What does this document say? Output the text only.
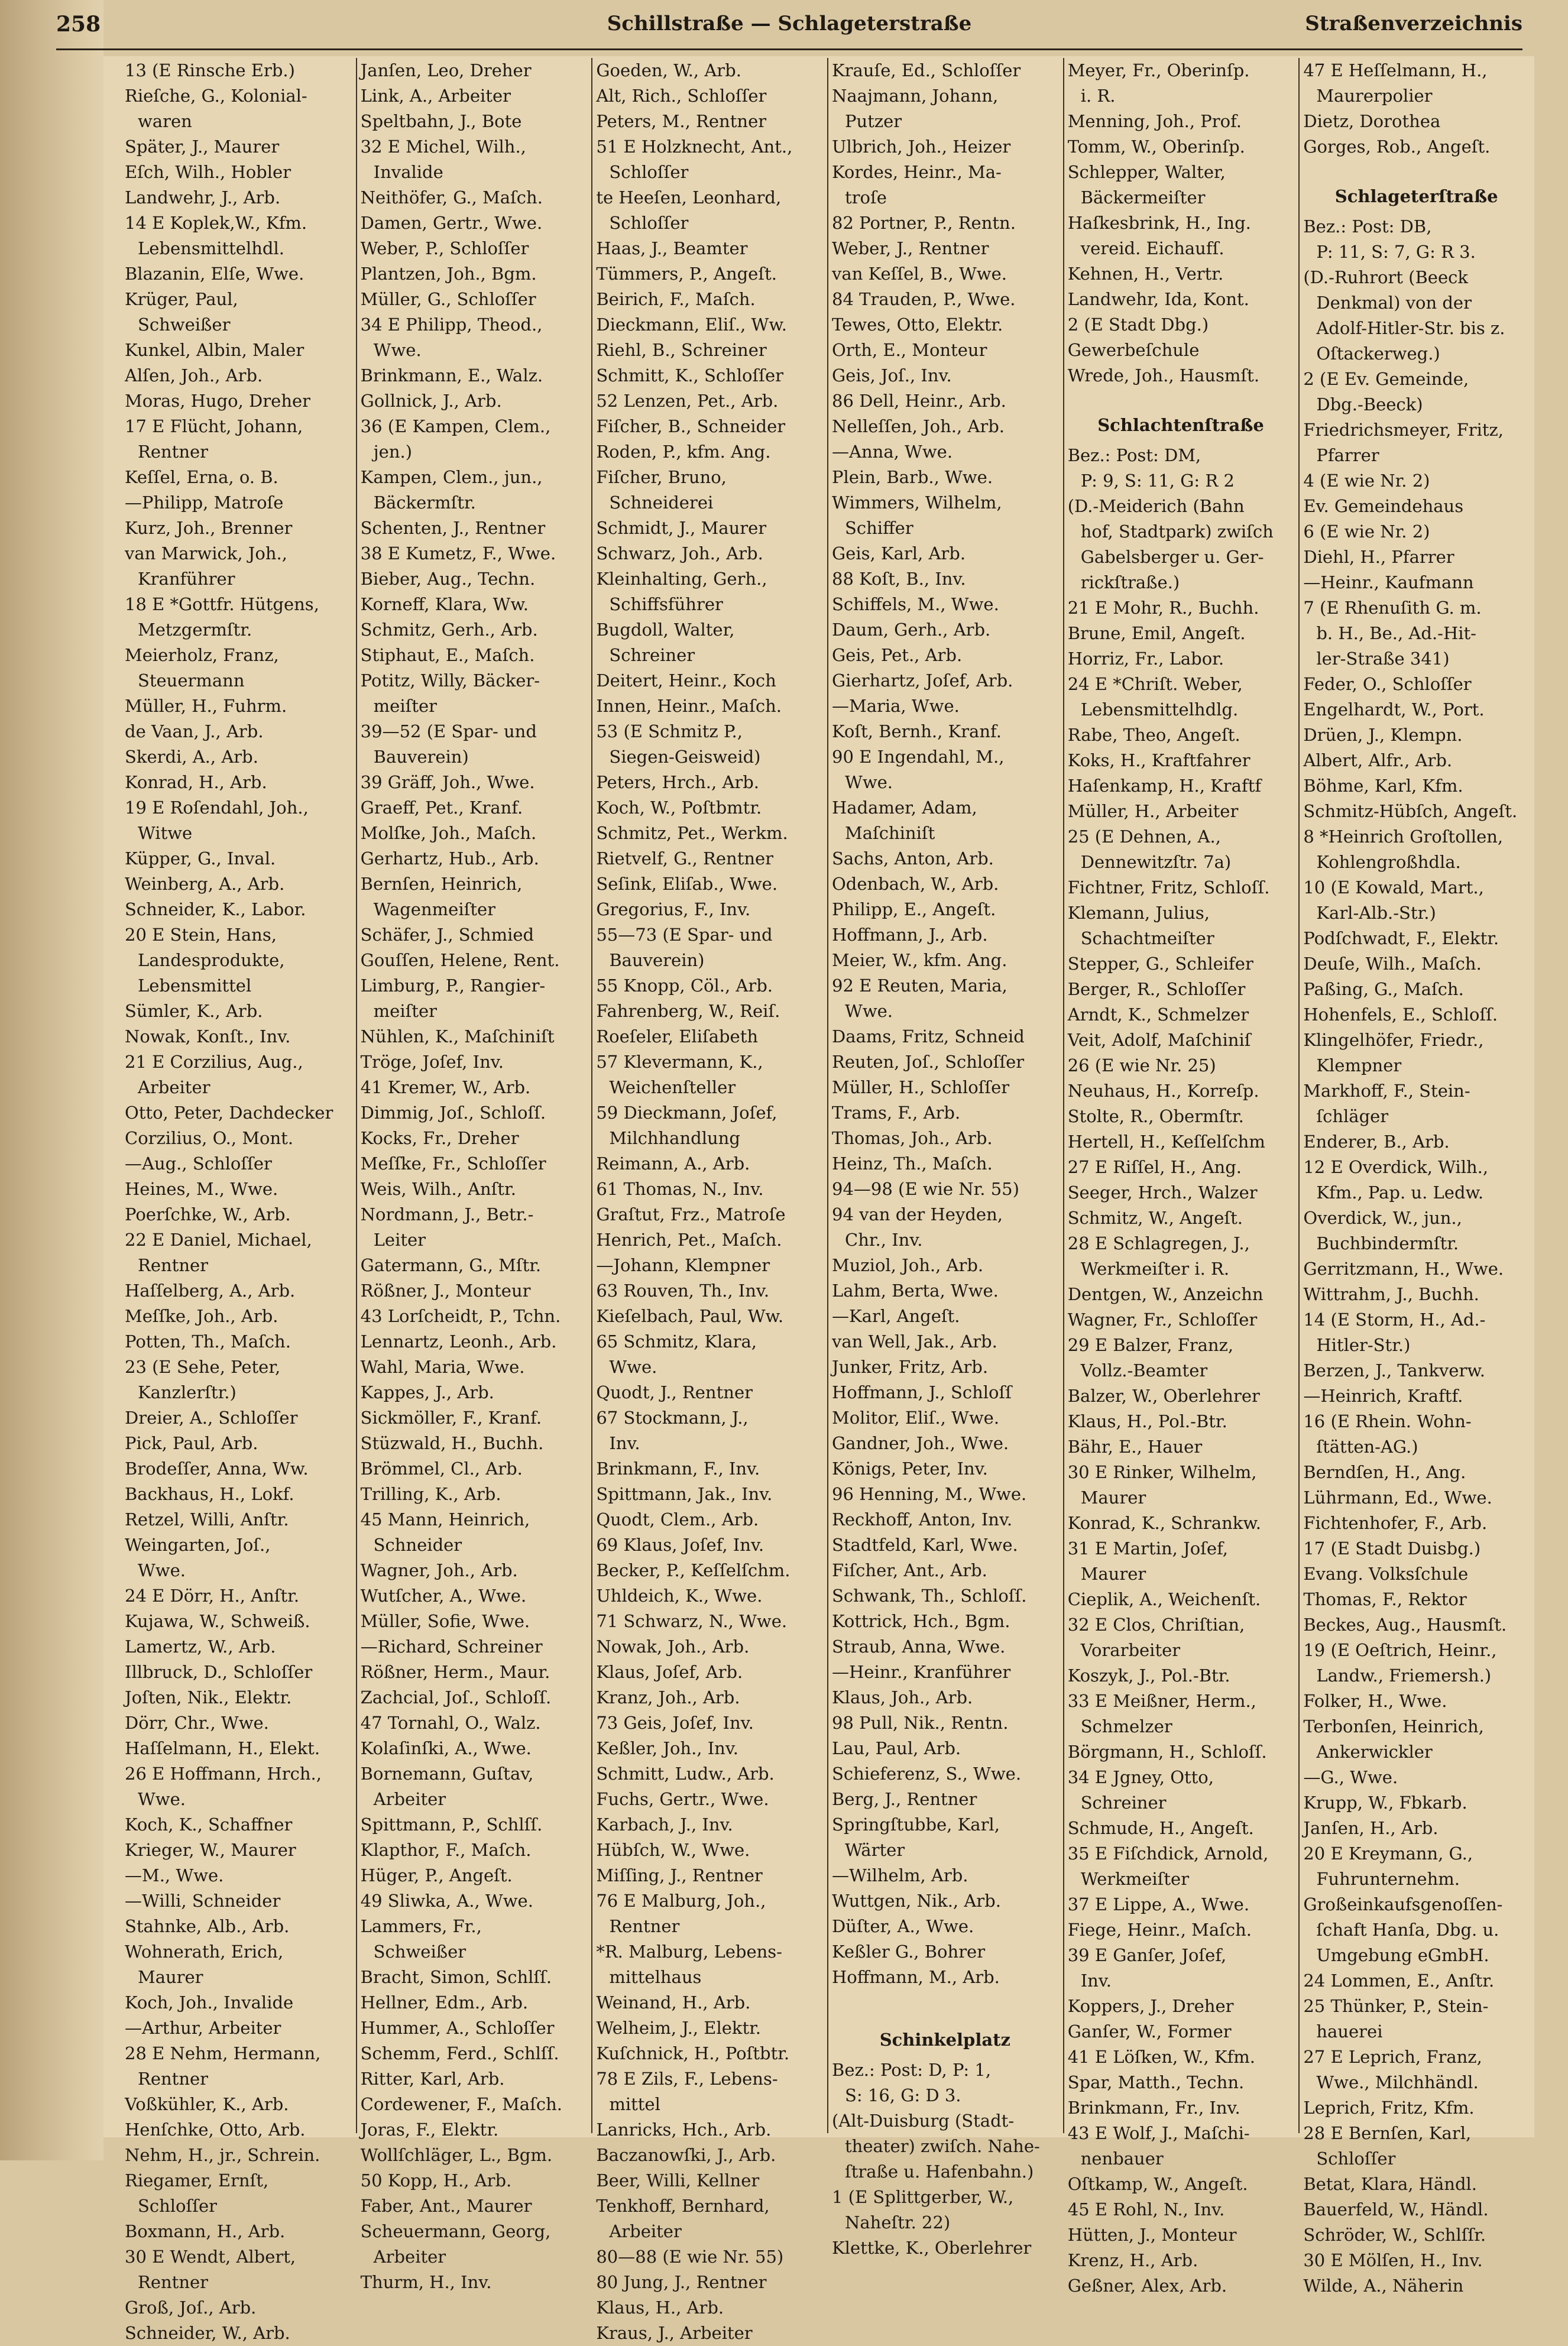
258	Schillstraße — Schlageterstraße	Straßenverzeichnis
13 (E Rinsche Erb.)
Rieſche, G., Kolonial-
waren
Später, J., Maurer
Eſch, Wilh., Hobler
Landwehr, J., Arb.
14 E Koplek,W., Kfm.
Lebensmittelhdl.
Blazanin, Elſe, Wwe.
Krüger, Paul,
Schweißer
Kunkel, Albin, Maler
Alſen, Joh., Arb.
Moras, Hugo, Dreher
17 E Flücht, Johann,
Rentner
Keſſel, Erna, o. B.
—Philipp, Matroſe
Kurz, Joh., Brenner
van Marwick, Joh.,
Kranführer
18 E *Gottfr. Hütgens,
Metzgermſtr.
Meierholz, Franz,
Steuermann
Müller, H., Fuhrm.
de Vaan, J., Arb.
Skerdi, A., Arb.
Konrad, H., Arb.
19 E Roſendahl, Joh.,
Witwe
Küpper, G., Inval.
Weinberg, A., Arb.
Schneider, K., Labor.
20 E Stein, Hans,
Landesprodukte,
Lebensmittel
Sümler, K., Arb.
Nowak, Konſt., Inv.
21 E Corzilius, Aug.,
Arbeiter
Otto, Peter, Dachdecker
Corzilius, O., Mont.
—Aug., Schloſſer
Heines, M., Wwe.
Poerſchke, W., Arb.
22 E Daniel, Michael,
Rentner
Haſſelberg, A., Arb.
Meſſke, Joh., Arb.
Potten, Th., Maſch.
23 (E Sehe, Peter,
Kanzlerſtr.)
Dreier, A., Schloſſer
Pick, Paul, Arb.
Brodeſſer, Anna, Ww.
Backhaus, H., Lokf.
Retzel, Willi, Anſtr.
Weingarten, Joſ.,
Wwe.
24 E Dörr, H., Anſtr.
Kujawa, W., Schweiß.
Lamertz, W., Arb.
Illbruck, D., Schloſſer
Joſten, Nik., Elektr.
Dörr, Chr., Wwe.
Haſſelmann, H., Elekt.
26 E Hoffmann, Hrch.,
Wwe.
Koch, K., Schaffner
Krieger, W., Maurer
—M., Wwe.
—Willi, Schneider
Stahnke, Alb., Arb.
Wohnerath, Erich,
Maurer
Koch, Joh., Invalide
—Arthur, Arbeiter
28 E Nehm, Hermann,
Rentner
Voßkühler, K., Arb.
Henſchke, Otto, Arb.
Nehm, H., jr., Schrein.
Riegamer, Ernſt,
Schloſſer
Boxmann, H., Arb.
30 E Wendt, Albert,
Rentner
Groß, Joſ., Arb.
Schneider, W., Arb.
Janſen, Leo, Dreher
Link, A., Arbeiter
Speltbahn, J., Bote
32 E Michel, Wilh.,
Invalide
Neithöfer, G., Maſch.
Damen, Gertr., Wwe.
Weber, P., Schloſſer
Plantzen, Joh., Bgm.
Müller, G., Schloſſer
34 E Philipp, Theod.,
Wwe.
Brinkmann, E., Walz.
Gollnick, J., Arb.
36 (E Kampen, Clem.,
jen.)
Kampen, Clem., jun.,
Bäckermſtr.
Schenten, J., Rentner
38 E Kumetz, F., Wwe.
Bieber, Aug., Techn.
Korneff, Klara, Ww.
Schmitz, Gerh., Arb.
Stiphaut, E., Maſch.
Potitz, Willy, Bäcker-
meiſter
39—52 (E Spar- und
Bauverein)
39 Gräff, Joh., Wwe.
Graeff, Pet., Kranf.
Molſke, Joh., Maſch.
Gerhartz, Hub., Arb.
Bernſen, Heinrich,
Wagenmeiſter
Schäfer, J., Schmied
Gouſſen, Helene, Rent.
Limburg, P., Rangier-
meiſter
Nühlen, K., Maſchiniſt
Tröge, Joſef, Inv.
41 Kremer, W., Arb.
Dimmig, Joſ., Schloſſ.
Kocks, Fr., Dreher
Meſſke, Fr., Schloſſer
Weis, Wilh., Anſtr.
Nordmann, J., Betr.-
Leiter
Gatermann, G., Mſtr.
Rößner, J., Monteur
43 Lorſcheidt, P., Tchn.
Lennartz, Leonh., Arb.
Wahl, Maria, Wwe.
Kappes, J., Arb.
Sickmöller, F., Kranf.
Stüzwald, H., Buchh.
Brömmel, Cl., Arb.
Trilling, K., Arb.
45 Mann, Heinrich,
Schneider
Wagner, Joh., Arb.
Wutſcher, A., Wwe.
Müller, Sofie, Wwe.
—Richard, Schreiner
Rößner, Herm., Maur.
Zachcial, Joſ., Schloſſ.
47 Tornahl, O., Walz.
Kolaſinſki, A., Wwe.
Bornemann, Guſtav,
Arbeiter
Spittmann, P., Schlſſ.
Klapthor, F., Maſch.
Hüger, P., Angeſt.
49 Sliwka, A., Wwe.
Lammers, Fr.,
Schweißer
Bracht, Simon, Schlſſ.
Hellner, Edm., Arb.
Hummer, A., Schloſſer
Schemm, Ferd., Schlſſ.
Ritter, Karl, Arb.
Cordewener, F., Maſch.
Joras, F., Elektr.
Wollſchläger, L., Bgm.
50 Kopp, H., Arb.
Faber, Ant., Maurer
Scheuermann, Georg,
Arbeiter
Thurm, H., Inv.
Goeden, W., Arb.
Alt, Rich., Schloſſer
Peters, M., Rentner
51 E Holzknecht, Ant.,
Schloſſer
te Heeſen, Leonhard,
Schloſſer
Haas, J., Beamter
Tümmers, P., Angeſt.
Beirich, F., Maſch.
Dieckmann, Eliſ., Ww.
Riehl, B., Schreiner
Schmitt, K., Schloſſer
52 Lenzen, Pet., Arb.
Fiſcher, B., Schneider
Roden, P., kfm. Ang.
Fiſcher, Bruno,
Schneiderei
Schmidt, J., Maurer
Schwarz, Joh., Arb.
Kleinhalting, Gerh.,
Schiffsführer
Bugdoll, Walter,
Schreiner
Deitert, Heinr., Koch
Innen, Heinr., Maſch.
53 (E Schmitz P.,
Siegen-Geisweid)
Peters, Hrch., Arb.
Koch, W., Poſtbmtr.
Schmitz, Pet., Werkm.
Rietvelf, G., Rentner
Seſink, Eliſab., Wwe.
Gregorius, F., Inv.
55—73 (E Spar- und
Bauverein)
55 Knopp, Cöl., Arb.
Fahrenberg, W., Reiſ.
Roeſeler, Eliſabeth
57 Klevermann, K.,
Weichenſteller
59 Dieckmann, Joſef,
Milchhandlung
Reimann, A., Arb.
61 Thomas, N., Inv.
Graſtut, Frz., Matroſe
Henrich, Pet., Maſch.
—Johann, Klempner
63 Rouven, Th., Inv.
Kieſelbach, Paul, Ww.
65 Schmitz, Klara,
Wwe.
Quodt, J., Rentner
67 Stockmann, J.,
Inv.
Brinkmann, F., Inv.
Spittmann, Jak., Inv.
Quodt, Clem., Arb.
69 Klaus, Joſef, Inv.
Becker, P., Keſſelſchm.
Uhldeich, K., Wwe.
71 Schwarz, N., Wwe.
Nowak, Joh., Arb.
Klaus, Joſef, Arb.
Kranz, Joh., Arb.
73 Geis, Joſef, Inv.
Keßler, Joh., Inv.
Schmitt, Ludw., Arb.
Fuchs, Gertr., Wwe.
Karbach, J., Inv.
Hübſch, W., Wwe.
Miſſing, J., Rentner
76 E Malburg, Joh.,
Rentner
*R. Malburg, Lebens-
mittelhaus
Weinand, H., Arb.
Welheim, J., Elektr.
Kuſchnick, H., Poſtbtr.
78 E Zils, F., Lebens-
mittel
Lanricks, Hch., Arb.
Baczanowſki, J., Arb.
Beer, Willi, Kellner
Tenkhoff, Bernhard,
Arbeiter
80—88 (E wie Nr. 55)
80 Jung, J., Rentner
Klaus, H., Arb.
Kraus, J., Arbeiter
Krauſe, Ed., Schloſſer
Naajmann, Johann,
Putzer
Ulbrich, Joh., Heizer
Kordes, Heinr., Ma-
troſe
82 Portner, P., Rentn.
Weber, J., Rentner
van Keſſel, B., Wwe.
84 Trauden, P., Wwe.
Tewes, Otto, Elektr.
Orth, E., Monteur
Geis, Joſ., Inv.
86 Dell, Heinr., Arb.
Nelleſſen, Joh., Arb.
—Anna, Wwe.
Plein, Barb., Wwe.
Wimmers, Wilhelm,
Schiffer
Geis, Karl, Arb.
88 Koſt, B., Inv.
Schiffels, M., Wwe.
Daum, Gerh., Arb.
Geis, Pet., Arb.
Gierhartz, Joſef, Arb.
—Maria, Wwe.
Koſt, Bernh., Kranf.
90 E Ingendahl, M.,
Wwe.
Hadamer, Adam,
Maſchiniſt
Sachs, Anton, Arb.
Odenbach, W., Arb.
Philipp, E., Angeſt.
Hoffmann, J., Arb.
Meier, W., kfm. Ang.
92 E Reuten, Maria,
Wwe.
Daams, Fritz, Schneid
Reuten, Joſ., Schloſſer
Müller, H., Schloſſer
Trams, F., Arb.
Thomas, Joh., Arb.
Heinz, Th., Maſch.
94—98 (E wie Nr. 55)
94 van der Heyden,
Chr., Inv.
Muziol, Joh., Arb.
Lahm, Berta, Wwe.
—Karl, Angeſt.
van Well, Jak., Arb.
Junker, Fritz, Arb.
Hoffmann, J., Schloſſ
Molitor, Eliſ., Wwe.
Gandner, Joh., Wwe.
Königs, Peter, Inv.
96 Henning, M., Wwe.
Reckhoff, Anton, Inv.
Stadtfeld, Karl, Wwe.
Fiſcher, Ant., Arb.
Schwank, Th., Schloſſ.
Kottrick, Hch., Bgm.
Straub, Anna, Wwe.
—Heinr., Kranführer
Klaus, Joh., Arb.
98 Pull, Nik., Rentn.
Lau, Paul, Arb.
Schieferenz, S., Wwe.
Berg, J., Rentner
Springſtubbe, Karl,
Wärter
—Wilhelm, Arb.
Wuttgen, Nik., Arb.
Düſter, A., Wwe.
Keßler G., Bohrer
Hoffmann, M., Arb.
Schinkelplatz
Bez.: Post: D, P: 1,
S: 16, G: D 3.
(Alt-Duisburg (Stadt-
theater) zwiſch. Nahe-
ſtraße u. Hafenbahn.)
1 (E Splittgerber, W.,
Naheſtr. 22)
Klettke, K., Oberlehrer
Meyer, Fr., Oberinſp.
i. R.
Menning, Joh., Prof.
Tomm, W., Oberinſp.
Schlepper, Walter,
Bäckermeiſter
Haſkesbrink, H., Ing.
vereid. Eichaufſ.
Kehnen, H., Vertr.
Landwehr, Ida, Kont.
2 (E Stadt Dbg.)
Gewerbeſchule
Wrede, Joh., Hausmſt.
Schlachtenſtraße
Bez.: Post: DM,
P: 9, S: 11, G: R 2
(D.-Meiderich (Bahn
hof, Stadtpark) zwiſch
Gabelsberger u. Ger-
rickſtraße.)
21 E Mohr, R., Buchh.
Brune, Emil, Angeſt.
Horriz, Fr., Labor.
24 E *Chriſt. Weber,
Lebensmittelhdlg.
Rabe, Theo, Angeſt.
Koks, H., Kraftfahrer
Haſenkamp, H., Kraftf
Müller, H., Arbeiter
25 (E Dehnen, A.,
Dennewitzſtr. 7a)
Fichtner, Fritz, Schloſſ.
Klemann, Julius,
Schachtmeiſter
Stepper, G., Schleifer
Berger, R., Schloſſer
Arndt, K., Schmelzer
Veit, Adolf, Maſchiniſ
26 (E wie Nr. 25)
Neuhaus, H., Korreſp.
Stolte, R., Obermſtr.
Hertell, H., Keſſelſchm
27 E Riſſel, H., Ang.
Seeger, Hrch., Walzer
Schmitz, W., Angeſt.
28 E Schlagregen, J.,
Werkmeiſter i. R.
Dentgen, W., Anzeichn
Wagner, Fr., Schloſſer
29 E Balzer, Franz,
Vollz.-Beamter
Balzer, W., Oberlehrer
Klaus, H., Pol.-Btr.
Bähr, E., Hauer
30 E Rinker, Wilhelm,
Maurer
Konrad, K., Schrankw.
31 E Martin, Joſef,
Maurer
Cieplik, A., Weichenſt.
32 E Clos, Chriſtian,
Vorarbeiter
Koszyk, J., Pol.-Btr.
33 E Meißner, Herm.,
Schmelzer
Börgmann, H., Schloſſ.
34 E Jgney, Otto,
Schreiner
Schmude, H., Angeſt.
35 E Fiſchdick, Arnold,
Werkmeiſter
37 E Lippe, A., Wwe.
Fiege, Heinr., Maſch.
39 E Ganſer, Joſef,
Inv.
Koppers, J., Dreher
Ganſer, W., Former
41 E Löſken, W., Kfm.
Spar, Matth., Techn.
Brinkmann, Fr., Inv.
43 E Wolf, J., Maſchi-
nenbauer
Oſtkamp, W., Angeſt.
45 E Rohl, N., Inv.
Hütten, J., Monteur
Krenz, H., Arb.
Geßner, Alex, Arb.
47 E Heſſelmann, H.,
Maurerpolier
Dietz, Dorothea
Gorges, Rob., Angeſt.
Schlageterſtraße
Bez.: Post: DB,
P: 11, S: 7, G: R 3.
(D.-Ruhrort (Beeck
Denkmal) von der
Adolf-Hitler-Str. bis z.
Oſtackerweg.)
2 (E Ev. Gemeinde,
Dbg.-Beeck)
Friedrichsmeyer, Fritz,
Pfarrer
4 (E wie Nr. 2)
Ev. Gemeindehaus
6 (E wie Nr. 2)
Diehl, H., Pfarrer
—Heinr., Kaufmann
7 (E Rhenuſith G. m.
b. H., Be., Ad.-Hit-
ler-Straße 341)
Feder, O., Schloſſer
Engelhardt, W., Port.
Drüen, J., Klempn.
Albert, Alfr., Arb.
Böhme, Karl, Kfm.
Schmitz-Hübſch, Angeſt.
8 *Heinrich Groſtollen,
Kohlengroßhdla.
10 (E Kowald, Mart.,
Karl-Alb.-Str.)
Podſchwadt, F., Elektr.
Deuſe, Wilh., Maſch.
Paßing, G., Maſch.
Hohenfels, E., Schloſſ.
Klingelhöfer, Friedr.,
Klempner
Markhoff, F., Stein-
ſchläger
Enderer, B., Arb.
12 E Overdick, Wilh.,
Kfm., Pap. u. Ledw.
Overdick, W., jun.,
Buchbindermſtr.
Gerritzmann, H., Wwe.
Wittrahm, J., Buchh.
14 (E Storm, H., Ad.-
Hitler-Str.)
Berzen, J., Tankverw.
—Heinrich, Kraftf.
16 (E Rhein. Wohn-
ſtätten-AG.)
Berndſen, H., Ang.
Lührmann, Ed., Wwe.
Fichtenhofer, F., Arb.
17 (E Stadt Duisbg.)
Evang. Volksſchule
Thomas, F., Rektor
Beckes, Aug., Hausmſt.
19 (E Oeſtrich, Heinr.,
Landw., Friemersh.)
Folker, H., Wwe.
Terbonſen, Heinrich,
Ankerwickler
—G., Wwe.
Krupp, W., Fbkarb.
Janſen, H., Arb.
20 E Kreymann, G.,
Fuhrunternehm.
Großeinkaufsgenoſſen-
ſchaft Hanſa, Dbg. u.
Umgebung eGmbH.
24 Lommen, E., Anſtr.
25 Thünker, P., Stein-
hauerei
27 E Leprich, Franz,
Wwe., Milchhändl.
Leprich, Fritz, Kfm.
28 E Bernſen, Karl,
Schloſſer
Betat, Klara, Händl.
Bauerfeld, W., Händl.
Schröder, W., Schlſſr.
30 E Mölſen, H., Inv.
Wilde, A., Näherin
